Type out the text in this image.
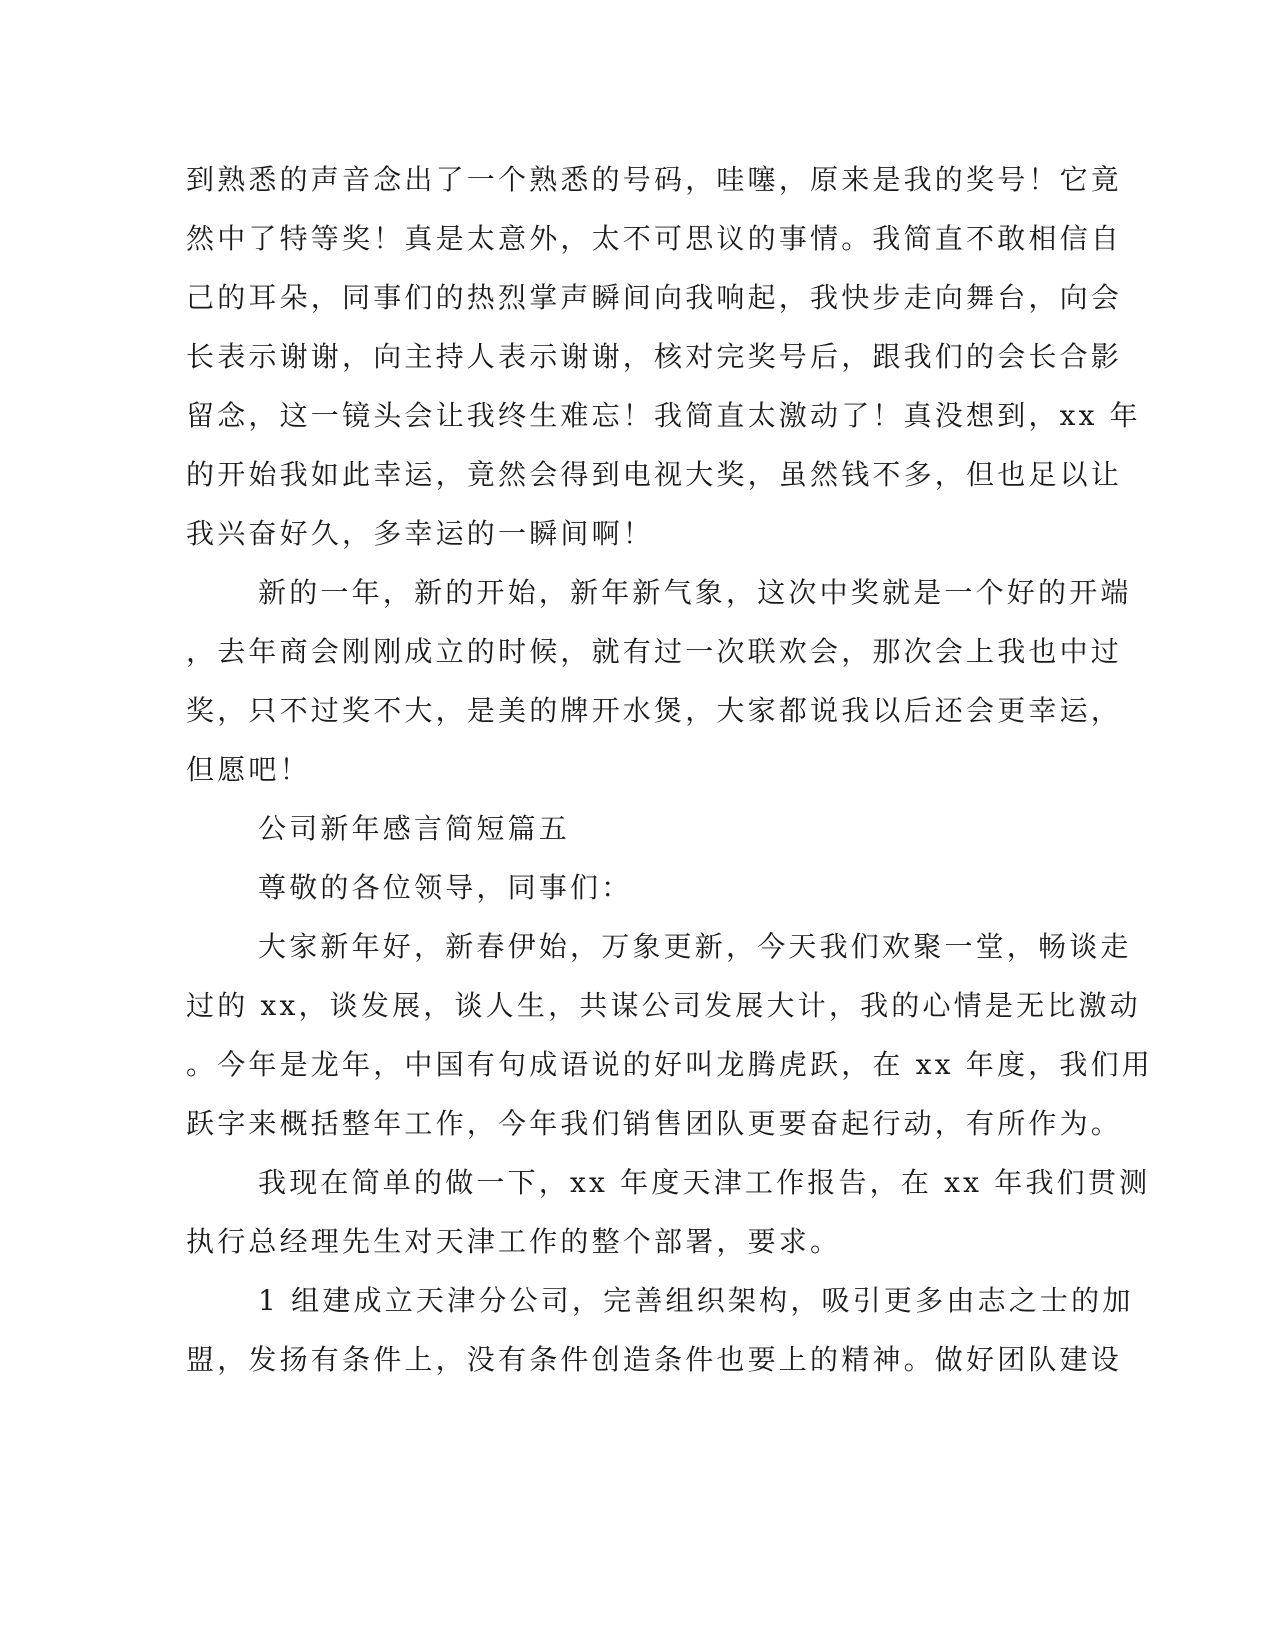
到熟悉的声音念出了一个熟悉的号码，哇噻，原来是我的奖号！它竟
然中了特等奖！真是太意外，太不可思议的事情。我简直不敢相信自
己的耳朵，同事们的热烈掌声瞬间向我响起，我快步走向舞台，向会
长表示谢谢，向主持人表示谢谢，核对完奖号后，跟我们的会长合影
留念，这一镜头会让我终生难忘！我简直太激动了！真没想到，xx 年
的开始我如此幸运，竟然会得到电视大奖，虽然钱不多，但也足以让
我兴奋好久，多幸运的一瞬间啊！
新的一年，新的开始，新年新气象，这次中奖就是一个好的开端
，去年商会刚刚成立的时候，就有过一次联欢会，那次会上我也中过
奖，只不过奖不大，是美的牌开水煲，大家都说我以后还会更幸运，
但愿吧！
公司新年感言简短篇五
尊敬的各位领导，同事们：
大家新年好，新春伊始，万象更新，今天我们欢聚一堂，畅谈走
过的 xx，谈发展，谈人生，共谋公司发展大计，我的心情是无比激动
。今年是龙年，中国有句成语说的好叫龙腾虎跃，在 xx 年度，我们用
跃字来概括整年工作，今年我们销售团队更要奋起行动，有所作为。
我现在简单的做一下，xx 年度天津工作报告，在 xx 年我们贯测
执行总经理先生对天津工作的整个部署，要求。
1 组建成立天津分公司，完善组织架构，吸引更多由志之士的加
盟，发扬有条件上，没有条件创造条件也要上的精神。做好团队建设
